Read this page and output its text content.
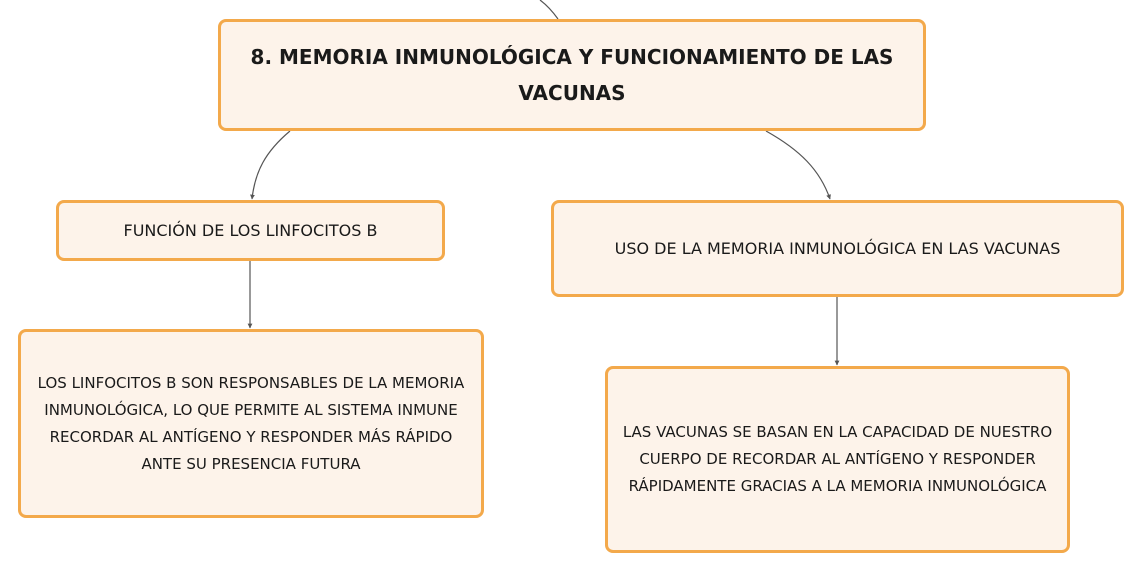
8. MEMORIA INMUNOLÓGICA Y FUNCIONAMIENTO DE LAS VACUNAS
FUNCIÓN DE LOS LINFOCITOS B
USO DE LA MEMORIA INMUNOLÓGICA EN LAS VACUNAS
LOS LINFOCITOS B SON RESPONSABLES DE LA MEMORIA INMUNOLÓGICA, LO QUE PERMITE AL SISTEMA INMUNE RECORDAR AL ANTÍGENO Y RESPONDER MÁS RÁPIDO ANTE SU PRESENCIA FUTURA
LAS VACUNAS SE BASAN EN LA CAPACIDAD DE NUESTRO CUERPO DE RECORDAR AL ANTÍGENO Y RESPONDER RÁPIDAMENTE GRACIAS A LA MEMORIA INMUNOLÓGICA
